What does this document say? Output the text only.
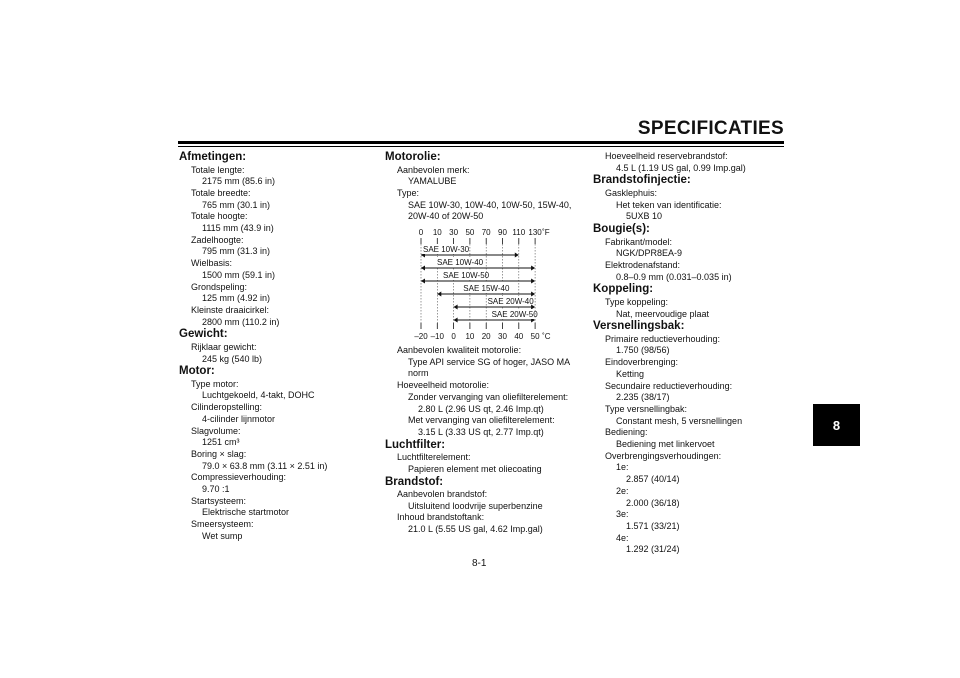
SPECIFICATIES
Afmetingen:
Totale lengte:
2175 mm (85.6 in)
Totale breedte:
765 mm (30.1 in)
Totale hoogte:
1115 mm (43.9 in)
Zadelhoogte:
795 mm (31.3 in)
Wielbasis:
1500 mm (59.1 in)
Grondspeling:
125 mm (4.92 in)
Kleinste draaicirkel:
2800 mm (110.2 in)
Gewicht:
Rijklaar gewicht:
245 kg (540 lb)
Motor:
Type motor:
Luchtgekoeld, 4-takt, DOHC
Cilinderopstelling:
4-cilinder lijnmotor
Slagvolume:
1251 cm³
Boring × slag:
79.0 × 63.8 mm (3.11 × 2.51 in)
Compressieverhouding:
9.70 :1
Startsysteem:
Elektrische startmotor
Smeersysteem:
Wet sump
Motorolie:
Aanbevolen merk:
YAMALUBE
Type:
SAE 10W-30, 10W-40, 10W-50, 15W-40,
20W-40 of 20W-50
0 10 30 50 70 90 110 130 ˚F
–20 –10 0 10 20 30 40 50 ˚C
SAE 10W-30
SAE 10W-40
SAE 10W-50
SAE 15W-40
SAE 20W-40
SAE 20W-50
Aanbevolen kwaliteit motorolie:
Type API service SG of hoger, JASO MA
norm
Hoeveelheid motorolie:
Zonder vervanging van oliefilterelement:
2.80 L (2.96 US qt, 2.46 Imp.qt)
Met vervanging van oliefilterelement:
3.15 L (3.33 US qt, 2.77 Imp.qt)
Luchtfilter:
Luchtfilterelement:
Papieren element met oliecoating
Brandstof:
Aanbevolen brandstof:
Uitsluitend loodvrije superbenzine
Inhoud brandstoftank:
21.0 L (5.55 US gal, 4.62 Imp.gal)
Hoeveelheid reservebrandstof:
4.5 L (1.19 US gal, 0.99 Imp.gal)
Brandstofinjectie:
Gasklephuis:
Het teken van identificatie:
5UXB 10
Bougie(s):
Fabrikant/model:
NGK/DPR8EA-9
Elektrodenafstand:
0.8–0.9 mm (0.031–0.035 in)
Koppeling:
Type koppeling:
Nat, meervoudige plaat
Versnellingsbak:
Primaire reductieverhouding:
1.750 (98/56)
Eindoverbrenging:
Ketting
Secundaire reductieverhouding:
2.235 (38/17)
Type versnellingbak:
Constant mesh, 5 versnellingen
Bediening:
Bediening met linkervoet
Overbrengingsverhoudingen:
1e:
2.857 (40/14)
2e:
2.000 (36/18)
3e:
1.571 (33/21)
4e:
1.292 (31/24)
8
8-1
